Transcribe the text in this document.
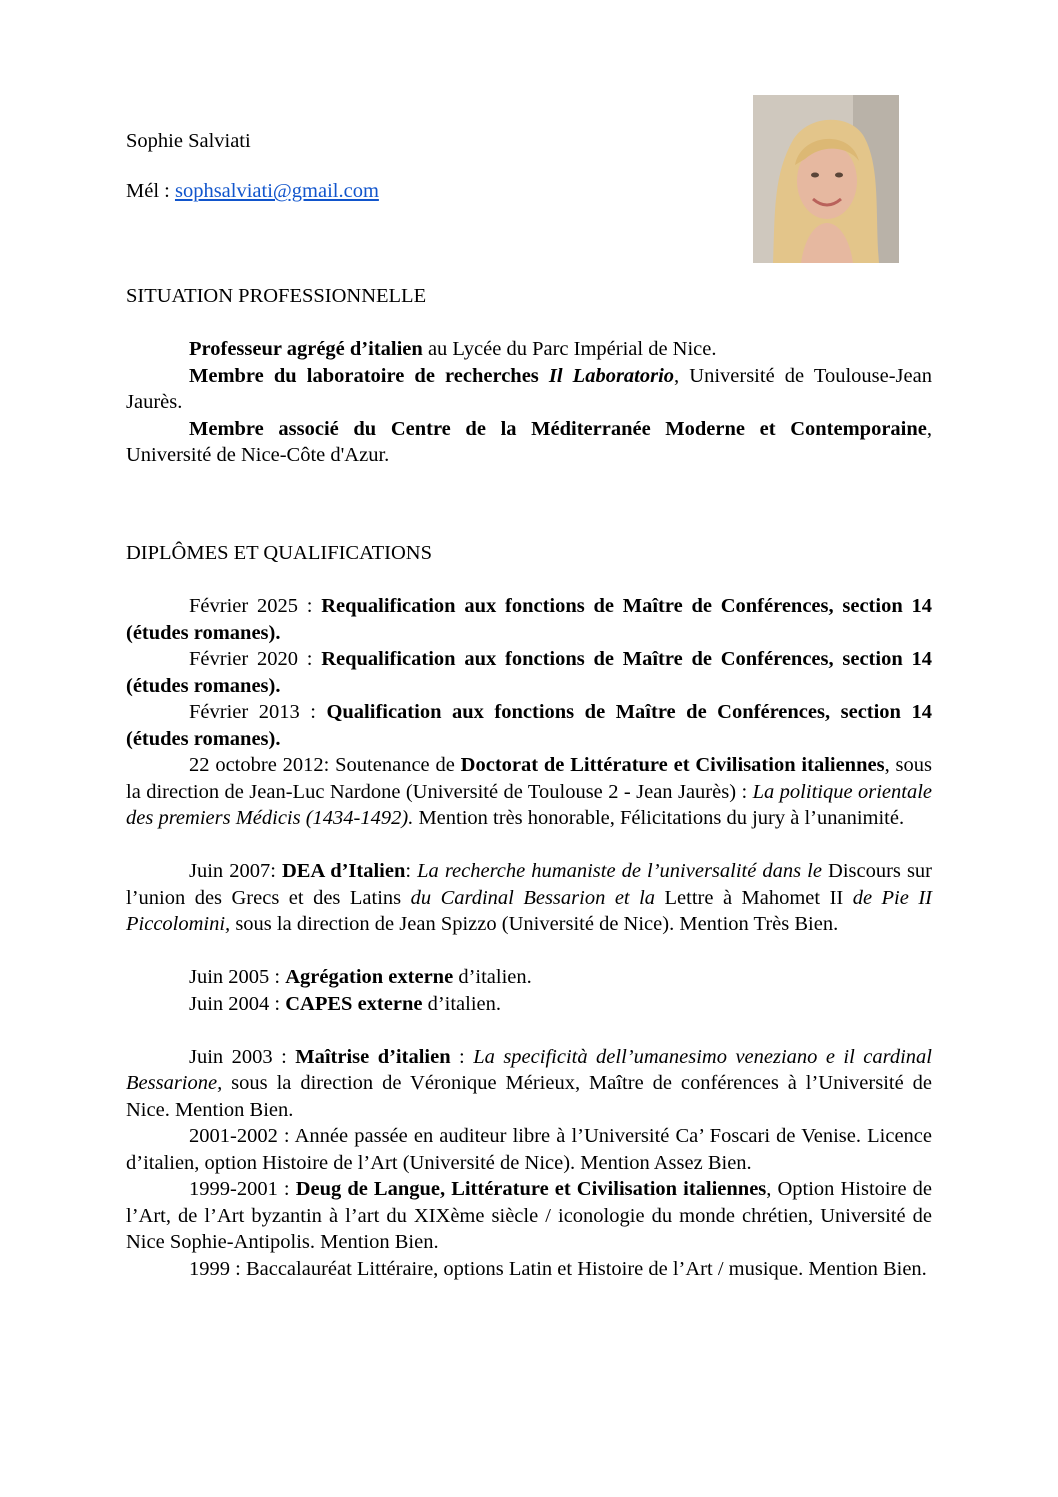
Sophie Salviati

Mél : sophsalviati@gmail.com

SITUATION PROFESSIONNELLE

Professeur agrégé d’italien au Lycée du Parc Impérial de Nice.

Membre du laboratoire de recherches Il Laboratorio, Université de Toulouse-Jean Jaurès.

Membre associé du Centre de la Méditerranée Moderne et Contemporaine, Université de Nice-Côte d'Azur.

DIPLÔMES ET QUALIFICATIONS

Février 2025 : Requalification aux fonctions de Maître de Conférences, section 14 (études romanes).

Février 2020 : Requalification aux fonctions de Maître de Conférences, section 14 (études romanes).

Février 2013 : Qualification aux fonctions de Maître de Conférences, section 14 (études romanes).

22 octobre 2012: Soutenance de Doctorat de Littérature et Civilisation italiennes, sous la direction de Jean-Luc Nardone (Université de Toulouse 2 - Jean Jaurès) : La politique orientale des premiers Médicis (1434-1492). Mention très honorable, Félicitations du jury à l’unanimité.

Juin 2007: DEA d’Italien: La recherche humaniste de l’universalité dans le Discours sur l’union des Grecs et des Latins du Cardinal Bessarion et la Lettre à Mahomet II de Pie II Piccolomini, sous la direction de Jean Spizzo (Université de Nice). Mention Très Bien.

Juin 2005 : Agrégation externe d’italien.

Juin 2004 : CAPES externe d’italien.

Juin 2003 : Maîtrise d’italien : La specificità dell’umanesimo veneziano e il cardinal Bessarione, sous la direction de Véronique Mérieux, Maître de conférences à l’Université de Nice. Mention Bien.

2001-2002 : Année passée en auditeur libre à l’Université Ca’ Foscari de Venise. Licence d’italien, option Histoire de l’Art (Université de Nice). Mention Assez Bien.

1999-2001 : Deug de Langue, Littérature et Civilisation italiennes, Option Histoire de l’Art, de l’Art byzantin à l’art du XIXème siècle / iconologie du monde chrétien, Université de Nice Sophie-Antipolis. Mention Bien.

1999 : Baccalauréat Littéraire, options Latin et Histoire de l’Art / musique. Mention Bien.
